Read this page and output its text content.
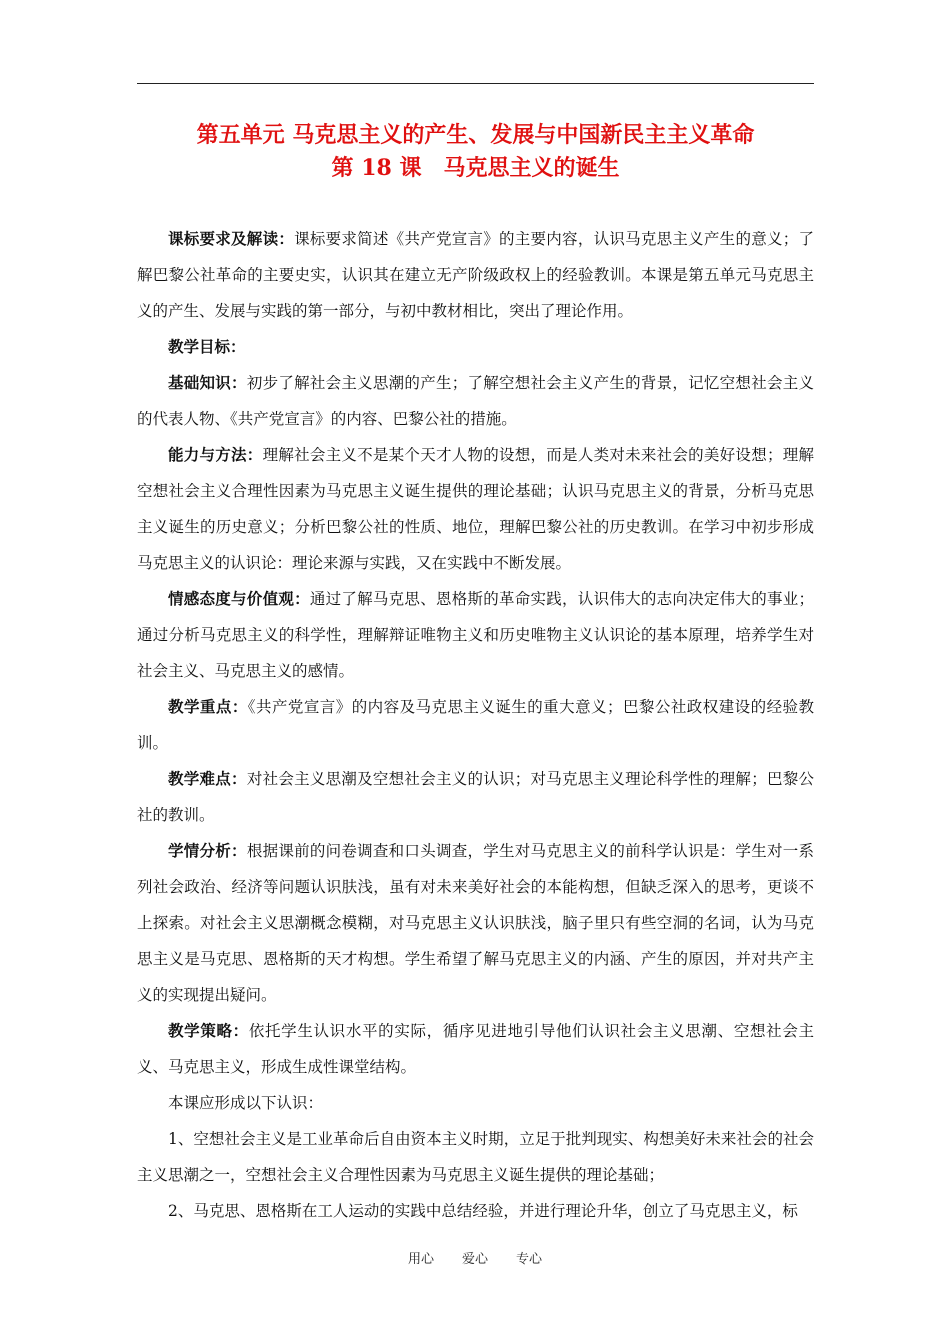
第五单元 马克思主义的产生、发展与中国新民主主义革命
第 18 课　马克思主义的诞生

课标要求及解读：课标要求简述《共产党宣言》的主要内容，认识马克思主义产生的意义；了解巴黎公社革命的主要史实，认识其在建立无产阶级政权上的经验教训。本课是第五单元马克思主义的产生、发展与实践的第一部分，与初中教材相比，突出了理论作用。

教学目标：

基础知识：初步了解社会主义思潮的产生；了解空想社会主义产生的背景，记忆空想社会主义的代表人物、《共产党宣言》的内容、巴黎公社的措施。

能力与方法：理解社会主义不是某个天才人物的设想，而是人类对未来社会的美好设想；理解空想社会主义合理性因素为马克思主义诞生提供的理论基础；认识马克思主义的背景，分析马克思主义诞生的历史意义；分析巴黎公社的性质、地位，理解巴黎公社的历史教训。在学习中初步形成马克思主义的认识论：理论来源与实践，又在实践中不断发展。

情感态度与价值观：通过了解马克思、恩格斯的革命实践，认识伟大的志向决定伟大的事业；通过分析马克思主义的科学性，理解辩证唯物主义和历史唯物主义认识论的基本原理，培养学生对社会主义、马克思主义的感情。

教学重点：《共产党宣言》的内容及马克思主义诞生的重大意义；巴黎公社政权建设的经验教训。

教学难点：对社会主义思潮及空想社会主义的认识；对马克思主义理论科学性的理解；巴黎公社的教训。

学情分析：根据课前的问卷调查和口头调查，学生对马克思主义的前科学认识是：学生对一系列社会政治、经济等问题认识肤浅，虽有对未来美好社会的本能构想，但缺乏深入的思考，更谈不上探索。对社会主义思潮概念模糊，对马克思主义认识肤浅，脑子里只有些空洞的名词，认为马克思主义是马克思、恩格斯的天才构想。学生希望了解马克思主义的内涵、产生的原因，并对共产主义的实现提出疑问。

教学策略：依托学生认识水平的实际，循序见进地引导他们认识社会主义思潮、空想社会主义、马克思主义，形成生成性课堂结构。

本课应形成以下认识：

1、空想社会主义是工业革命后自由资本主义时期，立足于批判现实、构想美好未来社会的社会主义思潮之一，空想社会主义合理性因素为马克思主义诞生提供的理论基础；

2、马克思、恩格斯在工人运动的实践中总结经验，并进行理论升华，创立了马克思主义，标

用心 爱心 专心
